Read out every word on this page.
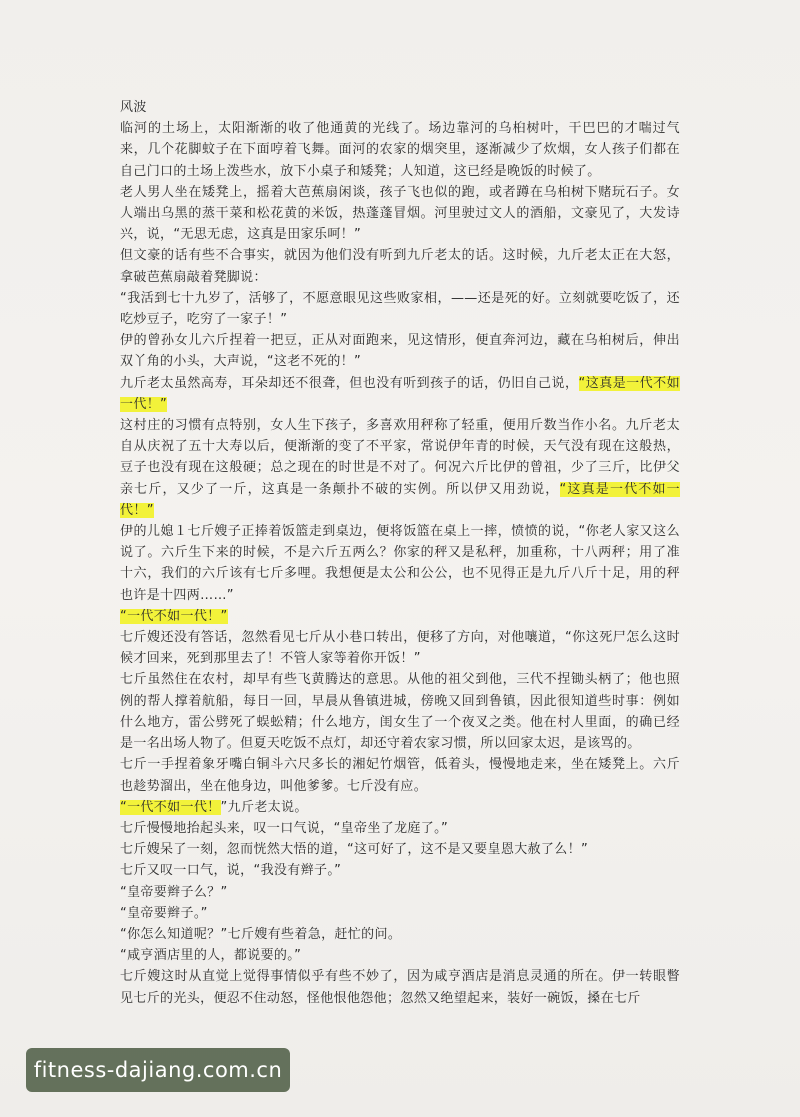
风波

临河的土场上，太阳渐渐的收了他通黄的光线了。场边靠河的乌桕树叶，干巴巴的才喘过气来，几个花脚蚊子在下面哼着飞舞。面河的农家的烟突里，逐渐减少了炊烟，女人孩子们都在自己门口的土场上泼些水，放下小桌子和矮凳；人知道，这已经是晚饭的时候了。

老人男人坐在矮凳上，摇着大芭蕉扇闲谈，孩子飞也似的跑，或者蹲在乌桕树下赌玩石子。女人端出乌黑的蒸干菜和松花黄的米饭，热蓬蓬冒烟。河里驶过文人的酒船，文豪见了，大发诗兴，说，“无思无虑，这真是田家乐呵！”

但文豪的话有些不合事实，就因为他们没有听到九斤老太的话。这时候，九斤老太正在大怒，拿破芭蕉扇敲着凳脚说：

“我活到七十九岁了，活够了，不愿意眼见这些败家相，——还是死的好。立刻就要吃饭了，还吃炒豆子，吃穷了一家子！”

伊的曾孙女儿六斤捏着一把豆，正从对面跑来，见这情形，便直奔河边，藏在乌桕树后，伸出双丫角的小头，大声说，“这老不死的！”

九斤老太虽然高寿，耳朵却还不很聋，但也没有听到孩子的话，仍旧自己说，“这真是一代不如一代！”

这村庄的习惯有点特别，女人生下孩子，多喜欢用秤称了轻重，便用斤数当作小名。九斤老太自从庆祝了五十大寿以后，便渐渐的变了不平家，常说伊年青的时候，天气没有现在这般热，豆子也没有现在这般硬；总之现在的时世是不对了。何况六斤比伊的曾祖，少了三斤，比伊父亲七斤，又少了一斤，这真是一条颠扑不破的实例。所以伊又用劲说，“这真是一代不如一代！”

伊的儿媳１七斤嫂子正捧着饭篮走到桌边，便将饭篮在桌上一摔，愤愤的说，“你老人家又这么说了。六斤生下来的时候，不是六斤五两么？你家的秤又是私秤，加重称，十八两秤；用了准十六，我们的六斤该有七斤多哩。我想便是太公和公公，也不见得正是九斤八斤十足，用的秤也许是十四两……”

“一代不如一代！”

七斤嫂还没有答话，忽然看见七斤从小巷口转出，便移了方向，对他嚷道，“你这死尸怎么这时候才回来，死到那里去了！不管人家等着你开饭！”

七斤虽然住在农村，却早有些飞黄腾达的意思。从他的祖父到他，三代不捏锄头柄了；他也照例的帮人撑着航船，每日一回，早晨从鲁镇进城，傍晚又回到鲁镇，因此很知道些时事：例如什么地方，雷公劈死了蜈蚣精；什么地方，闺女生了一个夜叉之类。他在村人里面，的确已经是一名出场人物了。但夏天吃饭不点灯，却还守着农家习惯，所以回家太迟，是该骂的。

七斤一手捏着象牙嘴白铜斗六尺多长的湘妃竹烟管，低着头，慢慢地走来，坐在矮凳上。六斤也趁势溜出，坐在他身边，叫他爹爹。七斤没有应。

“一代不如一代！”九斤老太说。

七斤慢慢地抬起头来，叹一口气说，“皇帝坐了龙庭了。”

七斤嫂呆了一刻，忽而恍然大悟的道，“这可好了，这不是又要皇恩大赦了么！”

七斤又叹一口气，说，“我没有辫子。”

“皇帝要辫子么？”

“皇帝要辫子。”

“你怎么知道呢？”七斤嫂有些着急，赶忙的问。

“咸亨酒店里的人，都说要的。”

七斤嫂这时从直觉上觉得事情似乎有些不妙了，因为咸亨酒店是消息灵通的所在。伊一转眼瞥见七斤的光头，便忍不住动怒，怪他恨他怨他；忽然又绝望起来，装好一碗饭，搡在七斤

fitness-dajiang.com.cn
